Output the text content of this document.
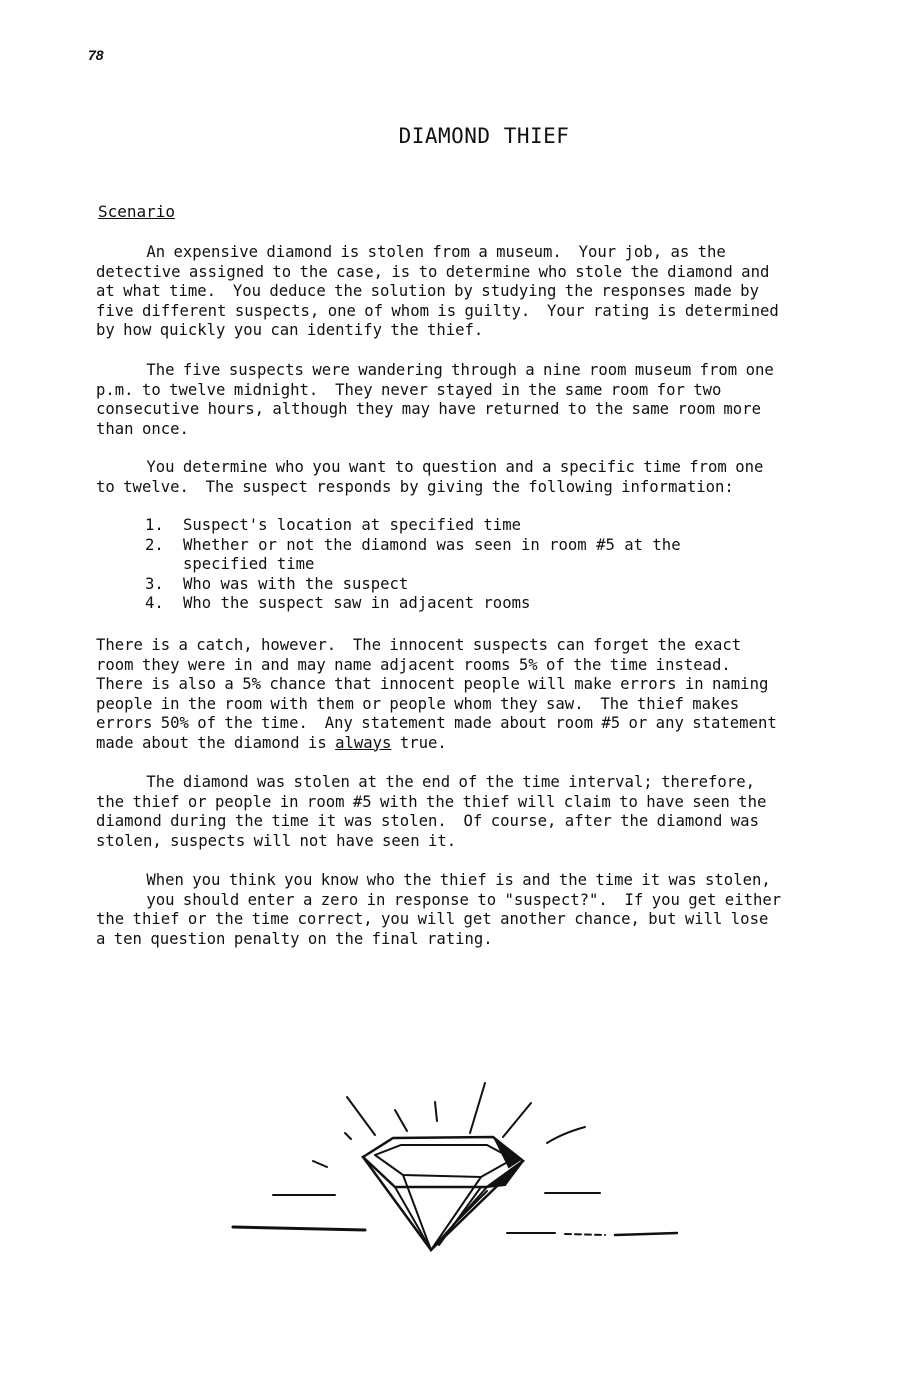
78
DIAMOND THIEF
Scenario

An expensive diamond is stolen from a museum.  Your job, as the
detective assigned to the case, is to determine who stole the diamond and
at what time.  You deduce the solution by studying the responses made by
five different suspects, one of whom is guilty.  Your rating is determined
by how quickly you can identify the thief.

The five suspects were wandering through a nine room museum from one
p.m. to twelve midnight.  They never stayed in the same room for two
consecutive hours, although they may have returned to the same room more
than once.

You determine who you want to question and a specific time from one
to twelve.  The suspect responds by giving the following information:

1.	Suspect's location at specified time
2.	Whether or not the diamond was seen in room #5 at the
specified time
3.	Who was with the suspect
4.	Who the suspect saw in adjacent rooms

There is a catch, however.  The innocent suspects can forget the exact
room they were in and may name adjacent rooms 5% of the time instead.
There is also a 5% chance that innocent people will make errors in naming
people in the room with them or people whom they saw.  The thief makes
errors 50% of the time.  Any statement made about room #5 or any statement
made about the diamond is always true.

The diamond was stolen at the end of the time interval; therefore,
the thief or people in room #5 with the thief will claim to have seen the
diamond during the time it was stolen.  Of course, after the diamond was
stolen, suspects will not have seen it.

When you think you know who the thief is and the time it was stolen,
you should enter a zero in response to "suspect?".  If you get either
the thief or the time correct, you will get another chance, but will lose
a ten question penalty on the final rating.
